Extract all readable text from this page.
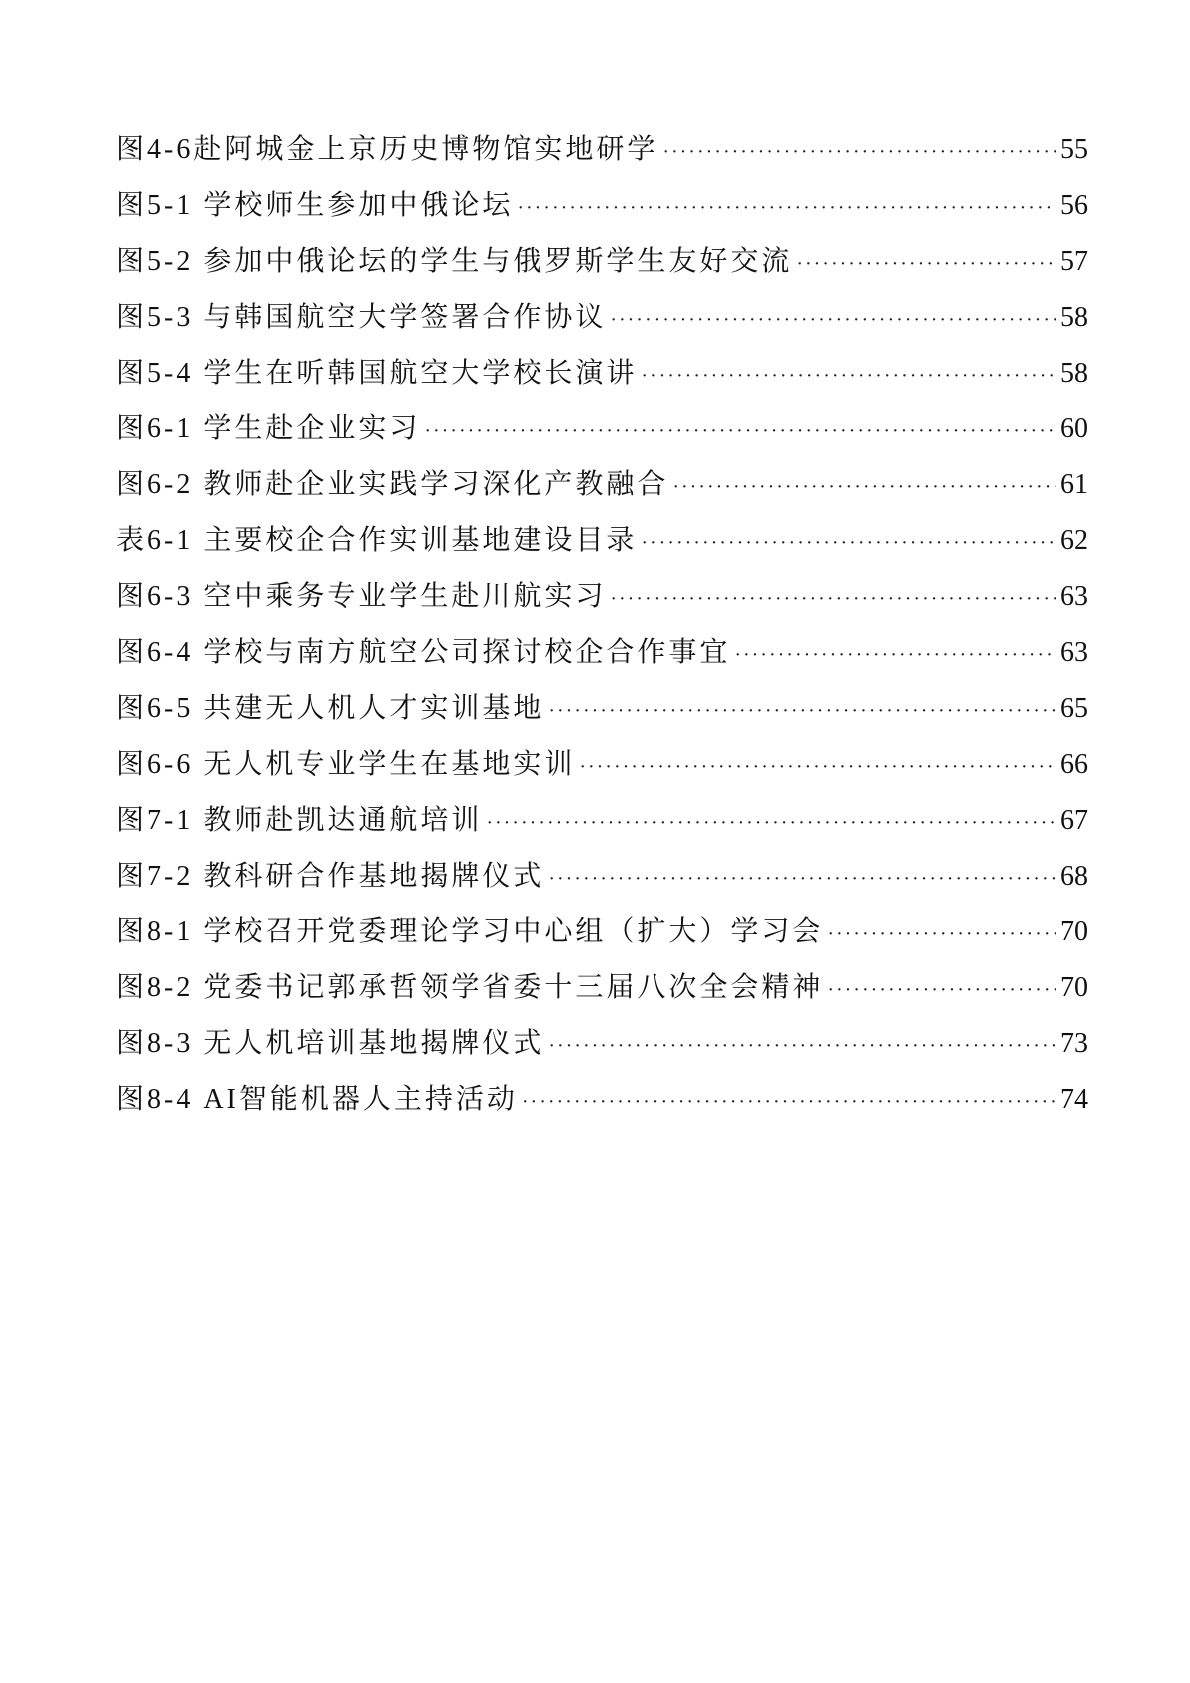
图4-6赴阿城金上京历史博物馆实地研学 ·····	55
图5-1 学校师生参加中俄论坛 ·····	56
图5-2 参加中俄论坛的学生与俄罗斯学生友好交流 ·····	57
图5-3 与韩国航空大学签署合作协议 ·····	58
图5-4 学生在听韩国航空大学校长演讲 ·····	58
图6-1 学生赴企业实习 ·····	60
图6-2 教师赴企业实践学习深化产教融合 ·····	61
表6-1 主要校企合作实训基地建设目录 ·····	62
图6-3 空中乘务专业学生赴川航实习 ·····	63
图6-4 学校与南方航空公司探讨校企合作事宜 ·····	63
图6-5 共建无人机人才实训基地 ·····	65
图6-6 无人机专业学生在基地实训 ·····	66
图7-1 教师赴凯达通航培训 ·····	67
图7-2 教科研合作基地揭牌仪式 ·····	68
图8-1 学校召开党委理论学习中心组（扩大）学习会 ·····	70
图8-2 党委书记郭承哲领学省委十三届八次全会精神 ·····	70
图8-3 无人机培训基地揭牌仪式 ·····	73
图8-4 AI智能机器人主持活动 ·····	74
